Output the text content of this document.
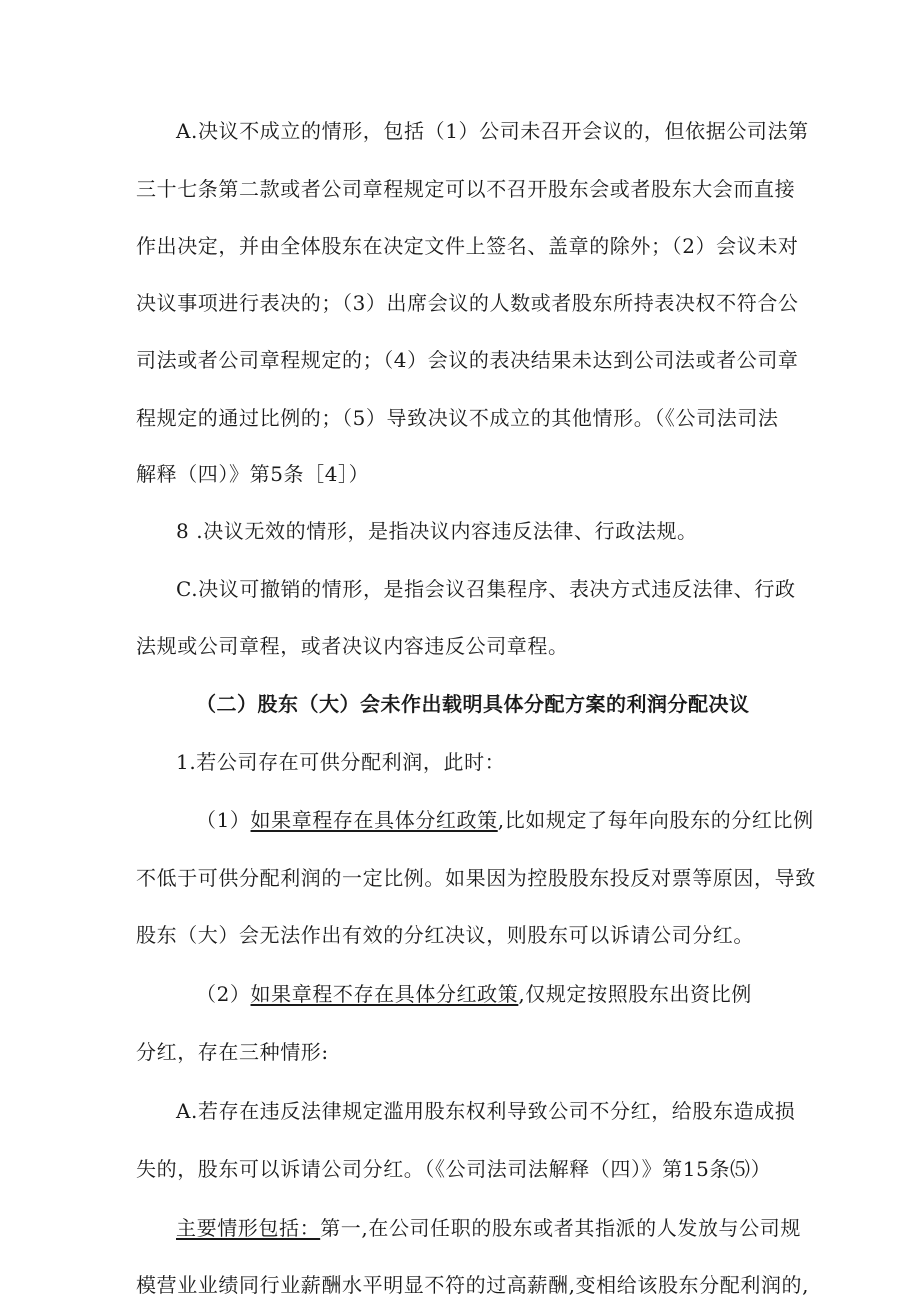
A.决议不成立的情形，包括（1）公司未召开会议的，但依据公司法第
三十七条第二款或者公司章程规定可以不召开股东会或者股东大会而直接
作出决定，并由全体股东在决定文件上签名、盖章的除外；（2）会议未对
决议事项进行表决的；（3）出席会议的人数或者股东所持表决权不符合公
司法或者公司章程规定的；（4）会议的表决结果未达到公司法或者公司章
程规定的通过比例的；（5）导致决议不成立的其他情形。（《公司法司法
解释（四）》第5条［4］）
8 .决议无效的情形，是指决议内容违反法律、行政法规。
C.决议可撤销的情形，是指会议召集程序、表决方式违反法律、行政
法规或公司章程，或者决议内容违反公司章程。
（二）股东（大）会未作出载明具体分配方案的利润分配决议
1.若公司存在可供分配利润，此时：
（1）如果章程存在具体分红政策,比如规定了每年向股东的分红比例
不低于可供分配利润的一定比例。如果因为控股股东投反对票等原因，导致
股东（大）会无法作出有效的分红决议，则股东可以诉请公司分红。
（2）如果章程不存在具体分红政策,仅规定按照股东出资比例
分红，存在三种情形:
A.若存在违反法律规定滥用股东权利导致公司不分红，给股东造成损
失的，股东可以诉请公司分红。（《公司法司法解释（四）》第15条⑸）
主要情形包括：第一,在公司任职的股东或者其指派的人发放与公司规
模营业业绩同行业薪酬水平明显不符的过高薪酬,变相给该股东分配利润的,
